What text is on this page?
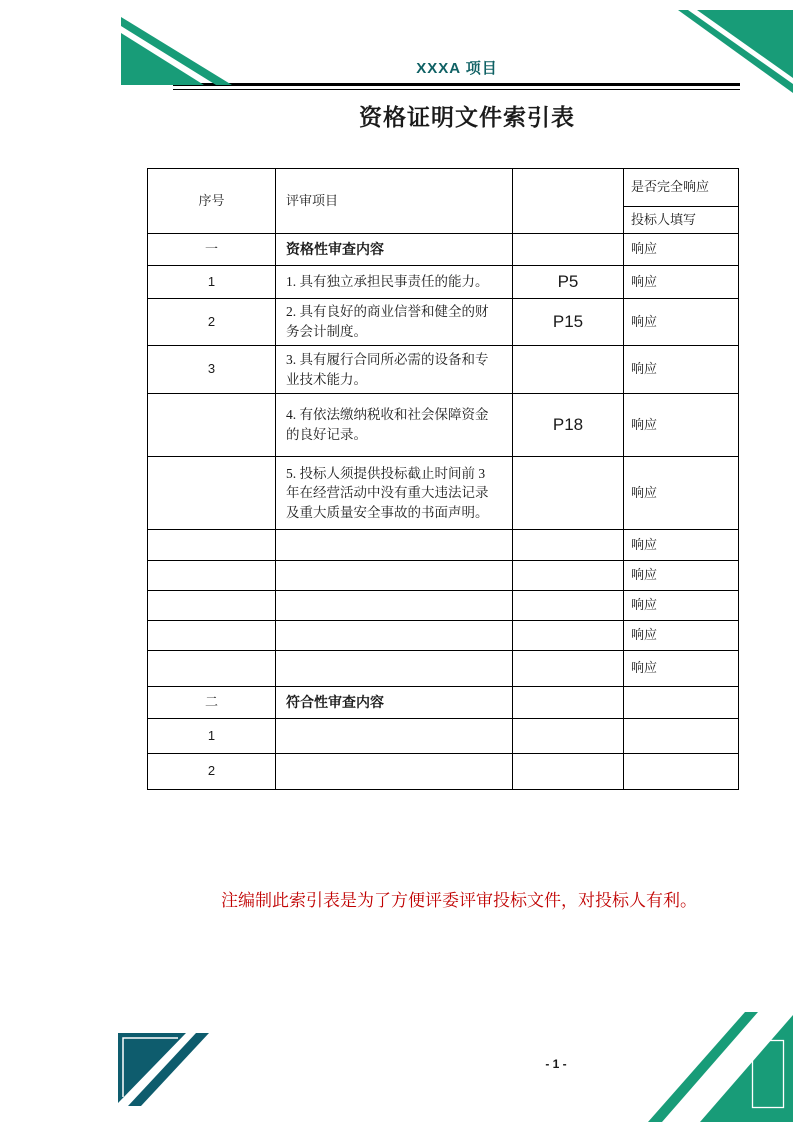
XXXA 项目
资格证明文件索引表
序号	评审项目		是否完全响应
			投标人填写
一	资格性审查内容		响应
1	1. 具有独立承担民事责任的能力。	P5	响应
2	2. 具有良好的商业信誉和健全的财务会计制度。	P15	响应
3	3. 具有履行合同所必需的设备和专业技术能力。		响应
	4. 有依法缴纳税收和社会保障资金的良好记录。	P18	响应
	5. 投标人须提供投标截止时间前 3 年在经营活动中没有重大违法记录及重大质量安全事故的书面声明。		响应
			响应
			响应
			响应
			响应
			响应
二	符合性审查内容		
1			
2			
注编制此索引表是为了方便评委评审投标文件，对投标人有利。
- 1 -
